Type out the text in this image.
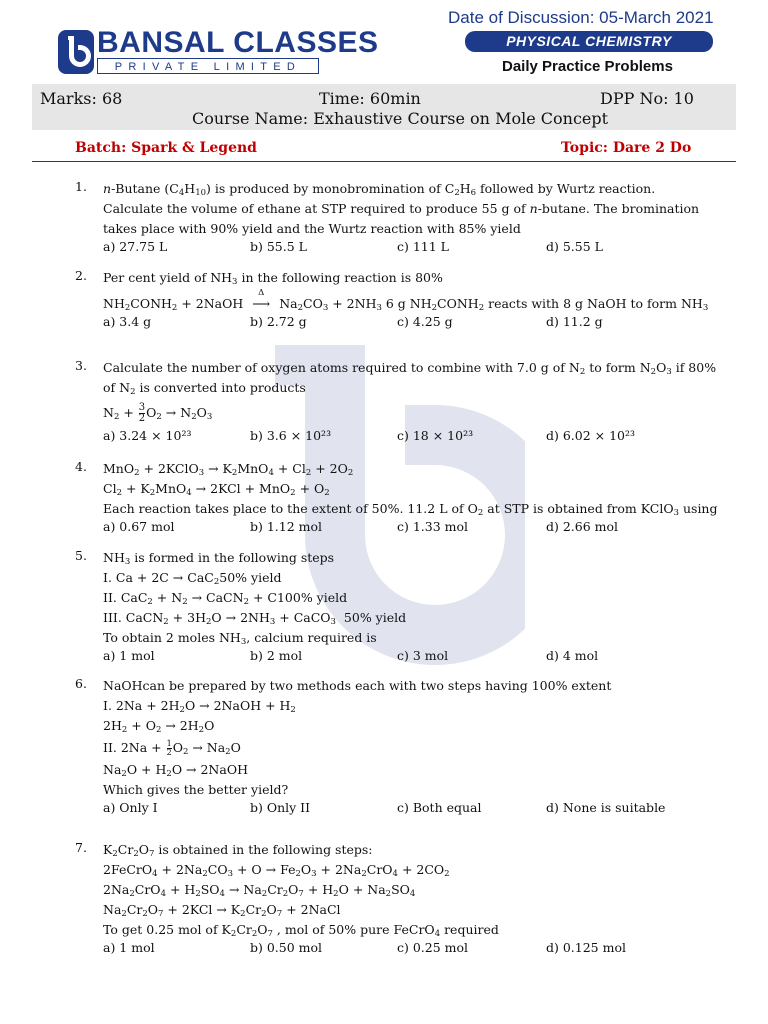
BANSAL CLASSES
PRIVATE LIMITED
Date of Discussion: 05-March 2021
PHYSICAL CHEMISTRY
Daily Practice Problems
Marks: 68	Time: 60min	DPP No: 10
Course Name: Exhaustive Course on Mole Concept
Batch: Spark & Legend	Topic: Dare 2 Do
1. n-Butane $(C_4H_{10})$ is produced by monobromination of $C_2H_6$ followed by Wurtz reaction.
Calculate the volume of ethane at STP required to produce 55 g of n-butane. The bromination
takes place with 90% yield and the Wurtz reaction with 85% yield
a) 27.75 L	b) 55.5 L	c) 111 L	d) 5.55 L
2. Per cent yield of $NH_3$ in the following reaction is 80%
$NH_2CONH_2$ + 2NaOH
Δ
⟶ $Na_2CO_3 + 2NH_3$ 6 g $NH_2CONH_2$ reacts with 8 g NaOH to form $NH_3$
a) 3.4 g	b) 2.72 g	c) 4.25 g	d) 11.2 g
3. Calculate the number of oxygen atoms required to combine with 7.0 g of $N_2$ to form $N_2O_3$ if 80%
of $N_2$ is converted into products
$N_2 + \frac{3}{2} O_2 \to N_2O_3$
a) 3.24 × 10²³	b) 3.6 × 10²³	c) 18 × 10²³	d) 6.02 × 10²³
4. MnO$_2$ + 2KClO$_3$ → $K_2MnO_4 + Cl_2 + 2O_2$
$Cl_2 + K_2MnO_4 \to 2KCl + MnO_2 + O_2$
Each reaction takes place to the extent of 50%. 11.2 L of $O_2$ at STP is obtained from KClO$_3$ using
a) 0.67 mol	b) 1.12 mol	c) 1.33 mol	d) 2.66 mol
5. $NH_3$ is formed in the following steps
I. Ca + 2C → CaC$_2$50% yield
II. $CaC_2 + N_2$ → CaCN$_2$ + C100% yield
III. CaCN$_2$ + $3H_2O \to 2NH_3$ + CaCO$_3$  50% yield
To obtain 2 moles $NH_3$, calcium required is
a) 1 mol	b) 2 mol	c) 3 mol	d) 4 mol
6. NaOHcan be prepared by two methods each with two steps having 100% extent
I. $2Na + 2H_2O$ → 2NaOH + $H_2$
$2H_2 + O_2 \to 2H_2O$
II. $2Na + \frac{1}{2} O_2 \to Na_2O$
$Na_2O + H_2O$ → 2NaOH
Which gives the better yield?
a) Only I	b) Only II	c) Both equal	d) None is suitable
7. $K_2Cr_2O_7$ is obtained in the following steps:
2FeCrO$_4$ + $2Na_2CO_3 + O \to Fe_2O_3 + 2Na_2CrO_4 + 2CO_2$
$2Na_2CrO_4 + H_2SO_4 \to Na_2Cr_2O_7 + H_2O + Na_2SO_4$
$Na_2Cr_2O_7 + 2KCl \to K_2Cr_2O_7$ + 2NaCl
To get 0.25 mol of $K_2Cr_2O_7$ , mol of 50% pure FeCrO$_4$ required
a) 1 mol	b) 0.50 mol	c) 0.25 mol	d) 0.125 mol
